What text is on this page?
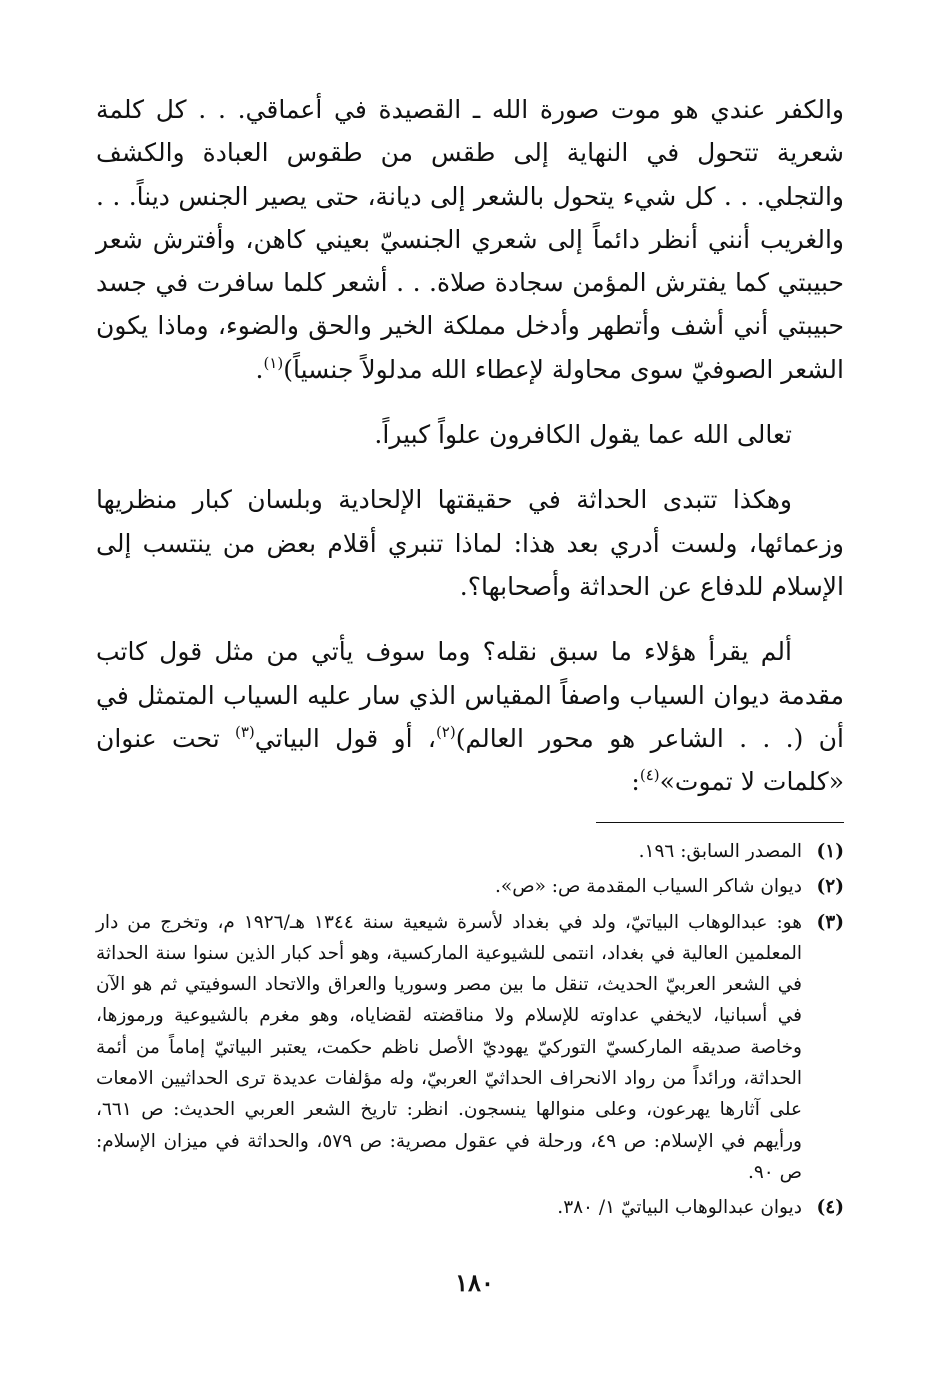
والكفر عندي هو موت صورة الله ـ القصيدة في أعماقي. . . كل كلمة شعرية تتحول في النهاية إلى طقس من طقوس العبادة والكشف والتجلي. . . كل شيء يتحول بالشعر إلى ديانة، حتى يصير الجنس ديناً. . . والغريب أنني أنظر دائماً إلى شعري الجنسيّ بعيني كاهن، وأفترش شعر حبيبتي كما يفترش المؤمن سجادة صلاة. . . أشعر كلما سافرت في جسد حبيبتي أني أشف وأتطهر وأدخل مملكة الخير والحق والضوء، وماذا يكون الشعر الصوفيّ سوى محاولة لإعطاء الله مدلولاً جنسياً)$^{(١)}$.

تعالى الله عما يقول الكافرون علواً كبيراً.

وهكذا تتبدى الحداثة في حقيقتها الإلحادية وبلسان كبار منظريها وزعمائها، ولست أدري بعد هذا: لماذا تنبري أقلام بعض من ينتسب إلى الإسلام للدفاع عن الحداثة وأصحابها؟.

ألم يقرأ هؤلاء ما سبق نقله؟ وما سوف يأتي من مثل قول كاتب مقدمة ديوان السياب واصفاً المقياس الذي سار عليه السياب المتمثل في أن (. . . الشاعر هو محور العالم)$^{(٢)}$، أو قول البياتي$^{(٣)}$ تحت عنوان «كلمات لا تموت»$^{(٤)}$:

(١)
المصدر السابق: ١٩٦.
(٢)
ديوان شاكر السياب المقدمة ص: «ص».
(٣)
هو: عبدالوهاب البياتيّ، ولد في بغداد لأسرة شيعية سنة ١٣٤٤ هـ/١٩٢٦ م، وتخرج من دار المعلمين العالية في بغداد، انتمى للشيوعية الماركسية، وهو أحد كبار الذين سنوا سنة الحداثة في الشعر العربيّ الحديث، تنقل ما بين مصر وسوريا والعراق والاتحاد السوفيتي ثم هو الآن في أسبانيا، لايخفي عداوته للإسلام ولا مناقضته لقضاياه، وهو مغرم بالشيوعية ورموزها، وخاصة صديقه الماركسيّ التوركيّ يهوديّ الأصل ناظم حكمت، يعتبر البياتيّ إماماً من أئمة الحداثة، ورائداً من رواد الانحراف الحداثيّ العربيّ، وله مؤلفات عديدة ترى الحداثيين الامعات على آثارها يهرعون، وعلى منوالها ينسجون. انظر: تاريخ الشعر العربي الحديث: ص ٦٦١، ورأيهم في الإسلام: ص ٤٩، ورحلة في عقول مصرية: ص ٥٧٩، والحداثة في ميزان الإسلام: ص ٩٠.
(٤)
ديوان عبدالوهاب البياتيّ ١/ ٣٨٠.
١٨٠
